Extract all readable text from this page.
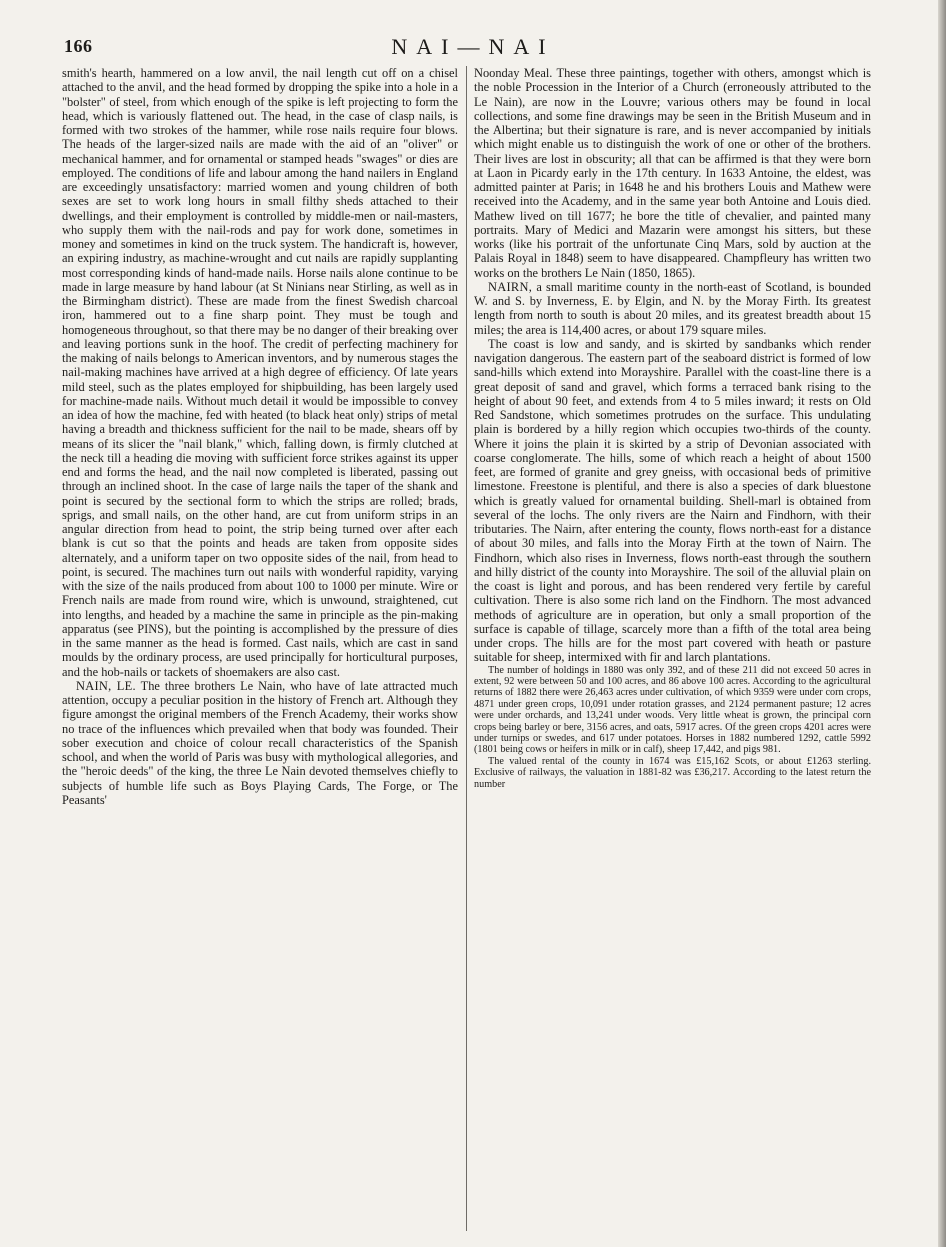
166	NAI—NAI

smith's hearth, hammered on a low anvil, the nail length cut off on a chisel attached to the anvil, and the head formed by dropping the spike into a hole in a "bolster" of steel, from which enough of the spike is left projecting to form the head, which is variously flattened out. The head, in the case of clasp nails, is formed with two strokes of the hammer, while rose nails require four blows. The heads of the larger-sized nails are made with the aid of an "oliver" or mechanical hammer, and for ornamental or stamped heads "swages" or dies are employed. The conditions of life and labour among the hand nailers in England are exceedingly unsatisfactory: married women and young children of both sexes are set to work long hours in small filthy sheds attached to their dwellings, and their employment is controlled by middle-men or nail-masters, who supply them with the nail-rods and pay for work done, sometimes in money and sometimes in kind on the truck system. The handicraft is, however, an expiring industry, as machine-wrought and cut nails are rapidly supplanting most corresponding kinds of hand-made nails. Horse nails alone continue to be made in large measure by hand labour (at St Ninians near Stirling, as well as in the Birmingham district). These are made from the finest Swedish charcoal iron, hammered out to a fine sharp point. They must be tough and homogeneous throughout, so that there may be no danger of their breaking over and leaving portions sunk in the hoof. The credit of perfecting machinery for the making of nails belongs to American inventors, and by numerous stages the nail-making machines have arrived at a high degree of efficiency. Of late years mild steel, such as the plates employed for shipbuilding, has been largely used for machine-made nails. Without much detail it would be impossible to convey an idea of how the machine, fed with heated (to black heat only) strips of metal having a breadth and thickness sufficient for the nail to be made, shears off by means of its slicer the "nail blank," which, falling down, is firmly clutched at the neck till a heading die moving with sufficient force strikes against its upper end and forms the head, and the nail now completed is liberated, passing out through an inclined shoot. In the case of large nails the taper of the shank and point is secured by the sectional form to which the strips are rolled; brads, sprigs, and small nails, on the other hand, are cut from uniform strips in an angular direction from head to point, the strip being turned over after each blank is cut so that the points and heads are taken from opposite sides alternately, and a uniform taper on two opposite sides of the nail, from head to point, is secured. The machines turn out nails with wonderful rapidity, varying with the size of the nails produced from about 100 to 1000 per minute. Wire or French nails are made from round wire, which is unwound, straightened, cut into lengths, and headed by a machine the same in principle as the pin-making apparatus (see PINS), but the pointing is accomplished by the pressure of dies in the same manner as the head is formed. Cast nails, which are cast in sand moulds by the ordinary process, are used principally for horticultural purposes, and the hob-nails or tackets of shoemakers are also cast.

NAIN, LE. The three brothers Le Nain, who have of late attracted much attention, occupy a peculiar position in the history of French art. Although they figure amongst the original members of the French Academy, their works show no trace of the influences which prevailed when that body was founded. Their sober execution and choice of colour recall characteristics of the Spanish school, and when the world of Paris was busy with mythological allegories, and the "heroic deeds" of the king, the three Le Nain devoted themselves chiefly to subjects of humble life such as Boys Playing Cards, The Forge, or The Peasants'

Noonday Meal. These three paintings, together with others, amongst which is the noble Procession in the Interior of a Church (erroneously attributed to the Le Nain), are now in the Louvre; various others may be found in local collections, and some fine drawings may be seen in the British Museum and in the Albertina; but their signature is rare, and is never accompanied by initials which might enable us to distinguish the work of one or other of the brothers. Their lives are lost in obscurity; all that can be affirmed is that they were born at Laon in Picardy early in the 17th century. In 1633 Antoine, the eldest, was admitted painter at Paris; in 1648 he and his brothers Louis and Mathew were received into the Academy, and in the same year both Antoine and Louis died. Mathew lived on till 1677; he bore the title of chevalier, and painted many portraits. Mary of Medici and Mazarin were amongst his sitters, but these works (like his portrait of the unfortunate Cinq Mars, sold by auction at the Palais Royal in 1848) seem to have disappeared. Champfleury has written two works on the brothers Le Nain (1850, 1865).

NAIRN, a small maritime county in the north-east of Scotland, is bounded W. and S. by Inverness, E. by Elgin, and N. by the Moray Firth. Its greatest length from north to south is about 20 miles, and its greatest breadth about 15 miles; the area is 114,400 acres, or about 179 square miles.

The coast is low and sandy, and is skirted by sandbanks which render navigation dangerous. The eastern part of the seaboard district is formed of low sand-hills which extend into Morayshire. Parallel with the coast-line there is a great deposit of sand and gravel, which forms a terraced bank rising to the height of about 90 feet, and extends from 4 to 5 miles inward; it rests on Old Red Sandstone, which sometimes protrudes on the surface. This undulating plain is bordered by a hilly region which occupies two-thirds of the county. Where it joins the plain it is skirted by a strip of Devonian associated with coarse conglomerate. The hills, some of which reach a height of about 1500 feet, are formed of granite and grey gneiss, with occasional beds of primitive limestone. Freestone is plentiful, and there is also a species of dark bluestone which is greatly valued for ornamental building. Shell-marl is obtained from several of the lochs. The only rivers are the Nairn and Findhorn, with their tributaries. The Nairn, after entering the county, flows north-east for a distance of about 30 miles, and falls into the Moray Firth at the town of Nairn. The Findhorn, which also rises in Inverness, flows north-east through the southern and hilly district of the county into Morayshire. The soil of the alluvial plain on the coast is light and porous, and has been rendered very fertile by careful cultivation. There is also some rich land on the Findhorn. The most advanced methods of agriculture are in operation, but only a small proportion of the surface is capable of tillage, scarcely more than a fifth of the total area being under crops. The hills are for the most part covered with heath or pasture suitable for sheep, intermixed with fir and larch plantations.

The number of holdings in 1880 was only 392, and of these 211 did not exceed 50 acres in extent, 92 were between 50 and 100 acres, and 86 above 100 acres. According to the agricultural returns of 1882 there were 26,463 acres under cultivation, of which 9359 were under corn crops, 4871 under green crops, 10,091 under rotation grasses, and 2124 permanent pasture; 12 acres were under orchards, and 13,241 under woods. Very little wheat is grown, the principal corn crops being barley or bere, 3156 acres, and oats, 5917 acres. Of the green crops 4201 acres were under turnips or swedes, and 617 under potatoes. Horses in 1882 numbered 1292, cattle 5992 (1801 being cows or heifers in milk or in calf), sheep 17,442, and pigs 981.

The valued rental of the county in 1674 was £15,162 Scots, or about £1263 sterling. Exclusive of railways, the valuation in 1881-82 was £36,217. According to the latest return the number
